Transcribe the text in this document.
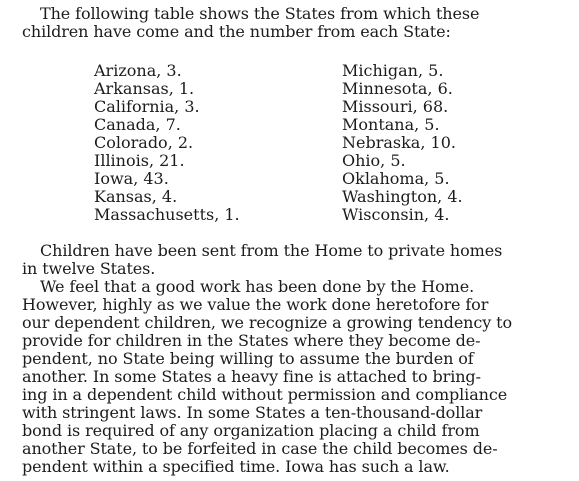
The following table shows the States from which these
children have come and the number from each State:
Arizona, 3.
Arkansas, 1.
California, 3.
Canada, 7.
Colorado, 2.
Illinois, 21.
Iowa, 43.
Kansas, 4.
Massachusetts, 1.
Michigan, 5.
Minnesota, 6.
Missouri, 68.
Montana, 5.
Nebraska, 10.
Ohio, 5.
Oklahoma, 5.
Washington, 4.
Wisconsin, 4.
Children have been sent from the Home to private homes
in twelve States.
We feel that a good work has been done by the Home.
However, highly as we value the work done heretofore for
our dependent children, we recognize a growing tendency to
provide for children in the States where they become de-
pendent, no State being willing to assume the burden of
another. In some States a heavy fine is attached to bring-
ing in a dependent child without permission and compliance
with stringent laws. In some States a ten-thousand-dollar
bond is required of any organization placing a child from
another State, to be forfeited in case the child becomes de-
pendent within a specified time. Iowa has such a law.
